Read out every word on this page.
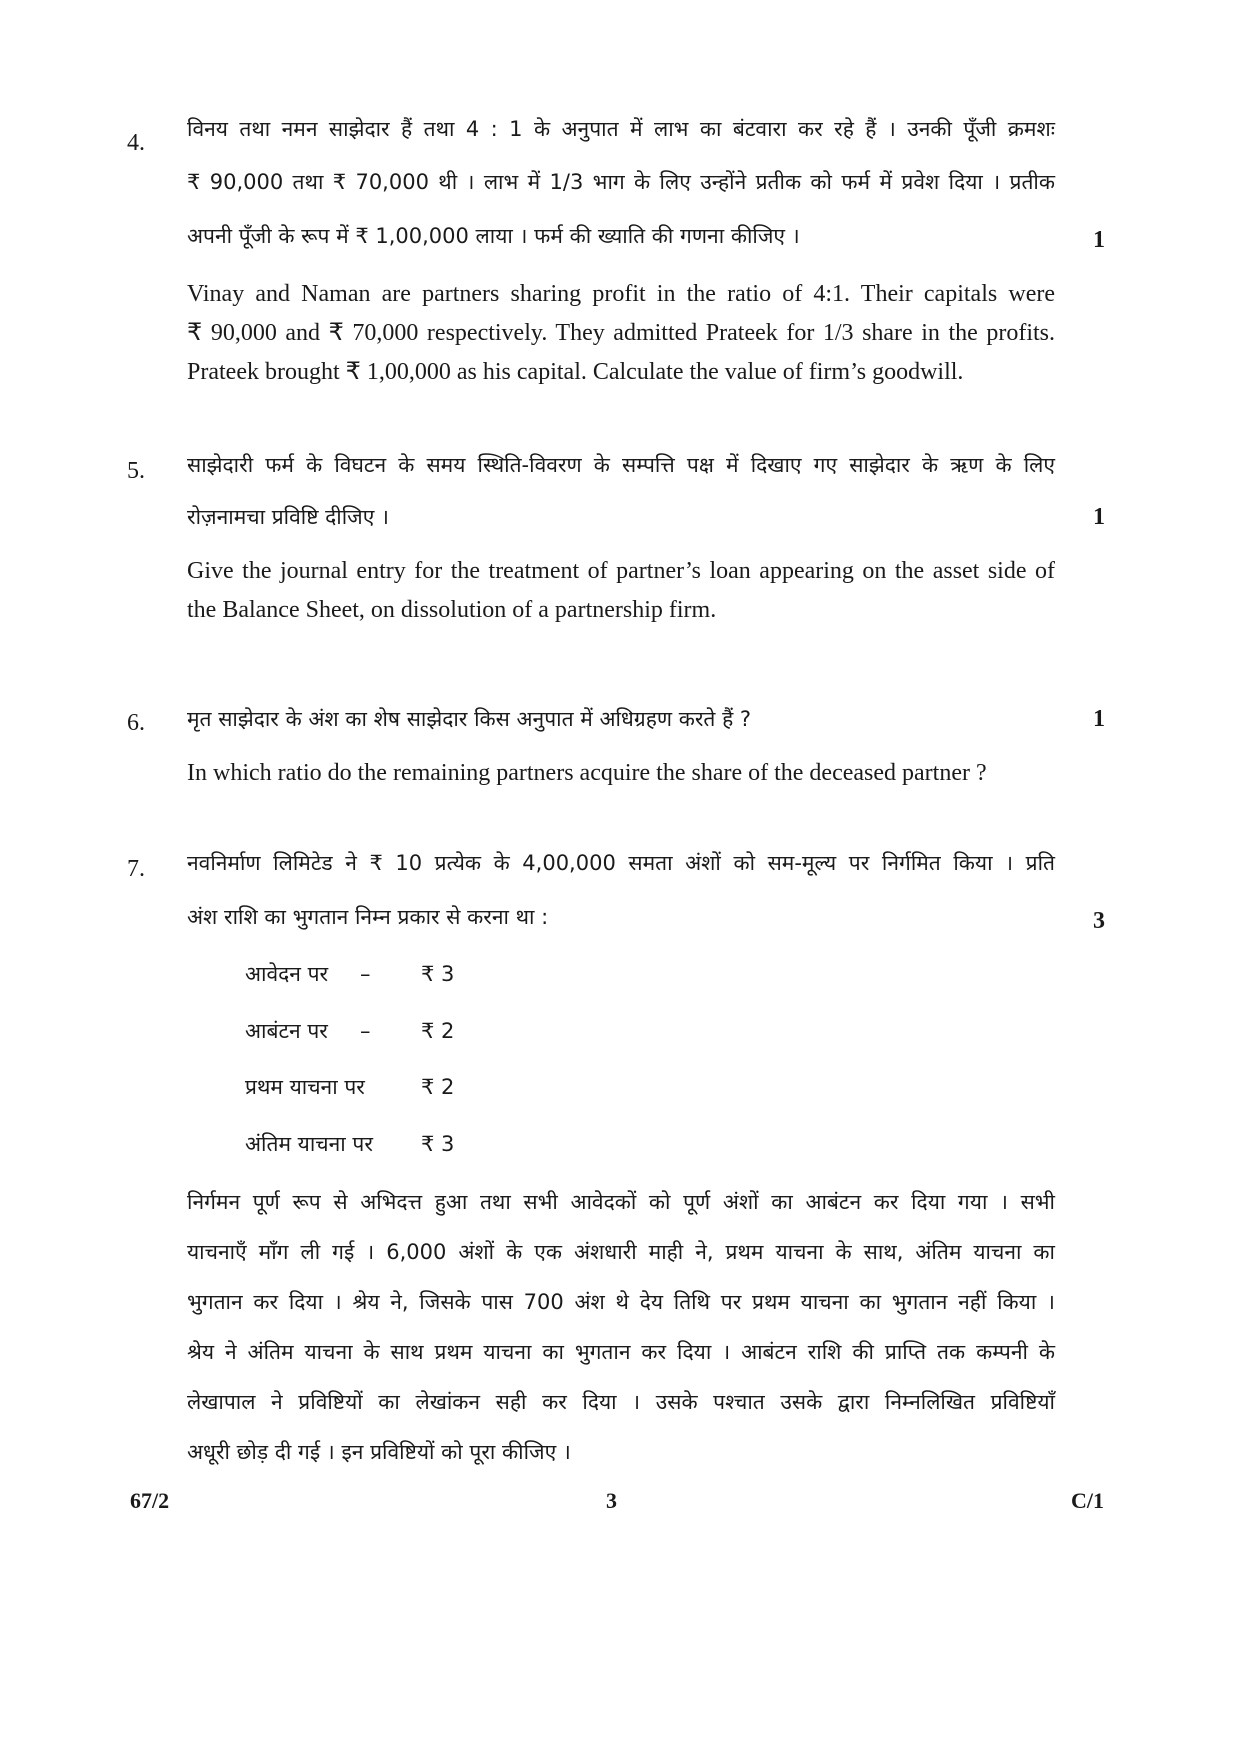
4.
विनय तथा नमन साझेदार हैं तथा 4 : 1 के अनुपात में लाभ का बंटवारा कर रहे हैं । उनकी पूँजी क्रमशः
₹ 90,000 तथा ₹ 70,000 थी । लाभ में 1/3 भाग के लिए उन्होंने प्रतीक को फर्म में प्रवेश दिया । प्रतीक
अपनी पूँजी के रूप में ₹ 1,00,000 लाया । फर्म की ख्याति की गणना कीजिए ।	1
Vinay and Naman are partners sharing profit in the ratio of 4:1. Their capitals were
₹ 90,000 and ₹ 70,000 respectively. They admitted Prateek for 1/3 share in the profits.
Prateek brought ₹ 1,00,000 as his capital. Calculate the value of firm’s goodwill.
5. साझेदारी फर्म के विघटन के समय स्थिति-विवरण के सम्पत्ति पक्ष में दिखाए गए साझेदार के ऋण के लिए
रोज़नामचा प्रविष्टि दीजिए ।	1
Give the journal entry for the treatment of partner’s loan appearing on the asset side of
the Balance Sheet, on dissolution of a partnership firm.
6. मृत साझेदार के अंश का शेष साझेदार किस अनुपात में अधिग्रहण करते हैं ?	1
In which ratio do the remaining partners acquire the share of the deceased partner ?
7. नवनिर्माण लिमिटेड ने ₹ 10 प्रत्येक के 4,00,000 समता अंशों को सम-मूल्य पर निर्गमित किया । प्रति
अंश राशि का भुगतान निम्न प्रकार से करना था :	3
आवेदन पर – ₹ 3
आबंटन पर – ₹ 2
प्रथम याचना पर	₹ 2
अंतिम याचना पर ₹ 3
निर्गमन पूर्ण रूप से अभिदत्त हुआ तथा सभी आवेदकों को पूर्ण अंशों का आबंटन कर दिया गया । सभी
याचनाएँ माँग ली गई । 6,000 अंशों के एक अंशधारी माही ने, प्रथम याचना के साथ, अंतिम याचना का
भुगतान कर दिया । श्रेय ने, जिसके पास 700 अंश थे देय तिथि पर प्रथम याचना का भुगतान नहीं किया ।
श्रेय ने अंतिम याचना के साथ प्रथम याचना का भुगतान कर दिया । आबंटन राशि की प्राप्ति तक कम्पनी के
लेखापाल ने प्रविष्टियों का लेखांकन सही कर दिया । उसके पश्चात उसके द्वारा निम्नलिखित प्रविष्टियाँ
अधूरी छोड़ दी गई । इन प्रविष्टियों को पूरा कीजिए ।
67/2	3	C/1
